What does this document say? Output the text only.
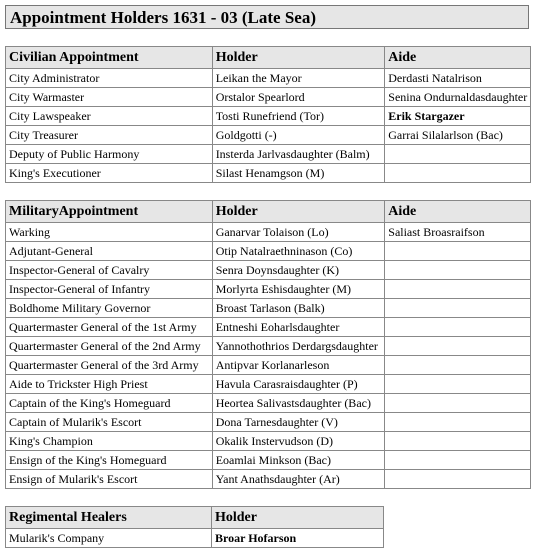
Appointment Holders 1631 - 03 (Late Sea)
Civilian Appointment	Holder	Aide
City Administrator	Leikan the Mayor	Derdasti Natalrison
City Warmaster	Orstalor Spearlord	Senina Ondurnaldasdaughter
City Lawspeaker	Tosti Runefriend (Tor)	Erik Stargazer
City Treasurer	Goldgotti (-)	Garrai Silalarlson (Bac)
Deputy of Public Harmony	Insterda Jarlvasdaughter (Balm)	
King's Executioner	Silast Henamgson (M)	
MilitaryAppointment	Holder	Aide
Warking	Ganarvar Tolaison (Lo)	Saliast Broasraifson
Adjutant-General	Otip Natalraethninason (Co)	
Inspector-General of Cavalry	Senra Doynsdaughter (K)	
Inspector-General of Infantry	Morlyrta Eshisdaughter (M)	
Boldhome Military Governor	Broast Tarlason (Balk)	
Quartermaster General of the 1st Army	Entneshi Eoharlsdaughter	
Quartermaster General of the 2nd Army	Yannothothrios Derdargsdaughter	
Quartermaster General of the 3rd Army	Antipvar Korlanarleson	
Aide to Trickster High Priest	Havula Carasraisdaughter (P)	
Captain of the King's Homeguard	Heortea Salivastsdaughter (Bac)	
Captain of Mularik's Escort	Dona Tarnesdaughter (V)	
King's Champion	Okalik Instervudson (D)	
Ensign of the King's Homeguard	Eoamlai Minkson (Bac)	
Ensign of Mularik's Escort	Yant Anathsdaughter (Ar)	
Regimental Healers	Holder
Mularik's Company	Broar Hofarson
